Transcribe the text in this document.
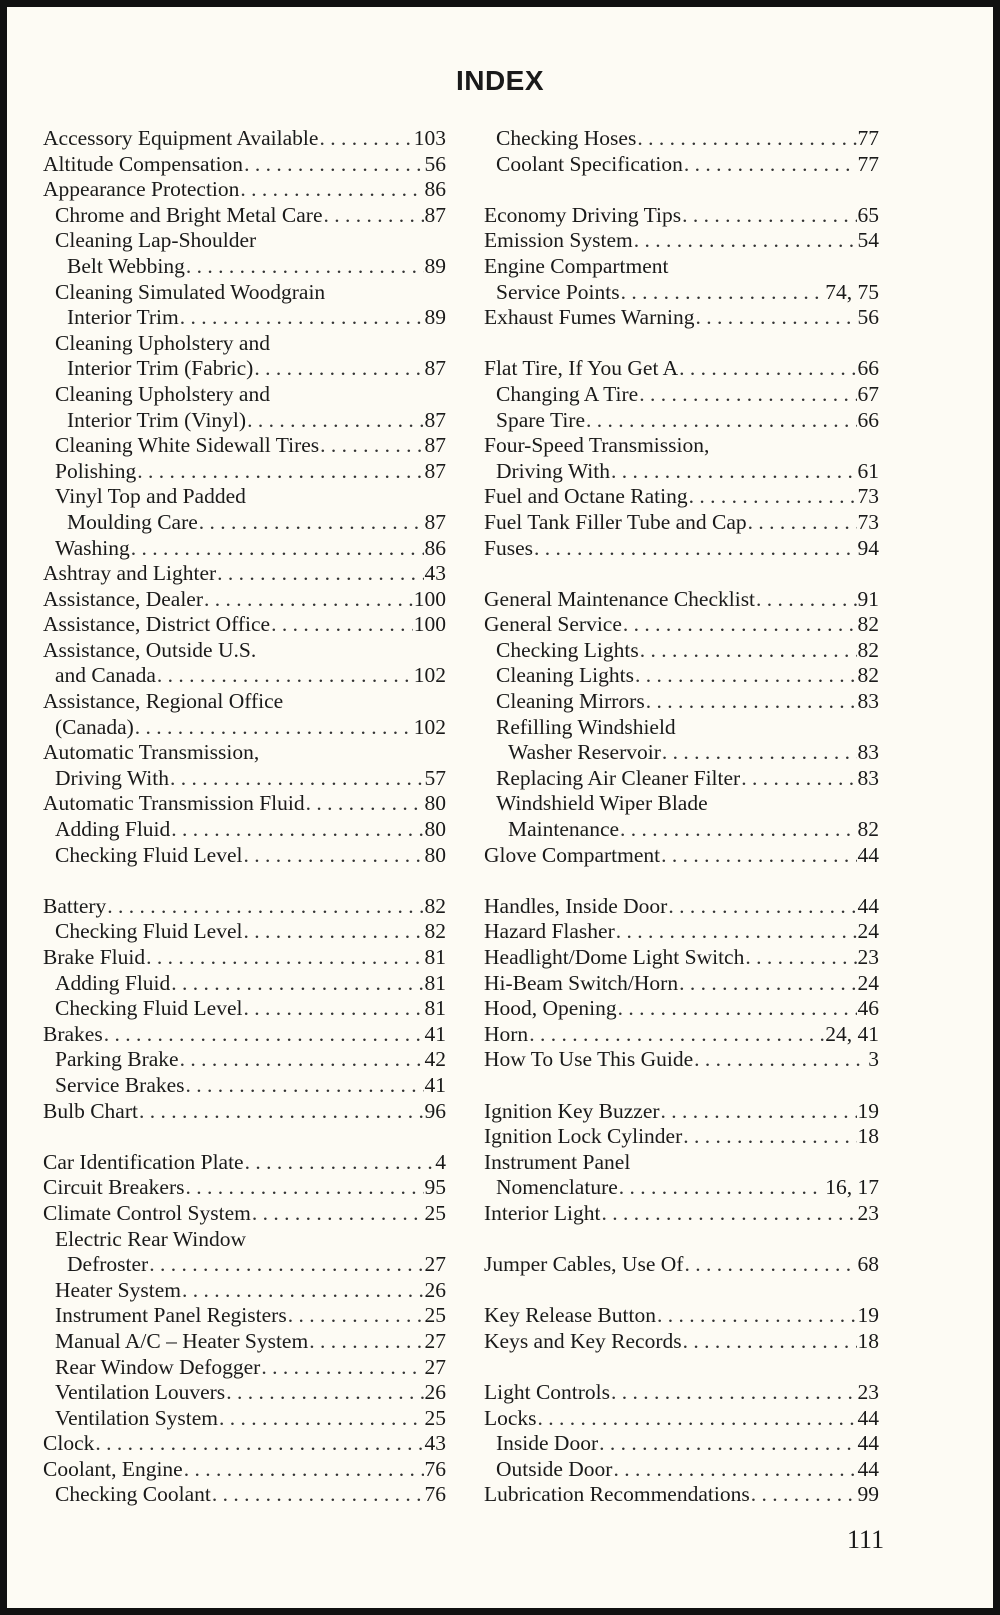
INDEX
Accessory Equipment Available . . .	103
Altitude Compensation . . .	56
Appearance Protection . . .	86
Chrome and Bright Metal Care . . .	87
Cleaning Lap-Shoulder
Belt Webbing . . .	89
Cleaning Simulated Woodgrain
Interior Trim . . .	89
Cleaning Upholstery and
Interior Trim (Fabric) . . .	87
Cleaning Upholstery and
Interior Trim (Vinyl) . . .	87
Cleaning White Sidewall Tires . . .	87
Polishing . . .	87
Vinyl Top and Padded
Moulding Care . . .	87
Washing . . .	86
Ashtray and Lighter . . .	43
Assistance, Dealer . . .	100
Assistance, District Office . . .	100
Assistance, Outside U.S.
and Canada . . .	102
Assistance, Regional Office
(Canada) . . .	102
Automatic Transmission,
Driving With . . .	57
Automatic Transmission Fluid . . .	80
Adding Fluid . . .	80
Checking Fluid Level . . .	80
Battery . . .	82
Checking Fluid Level . . .	82
Brake Fluid . . .	81
Adding Fluid . . .	81
Checking Fluid Level . . .	81
Brakes . . .	41
Parking Brake . . .	42
Service Brakes . . .	41
Bulb Chart . . .	96
Car Identification Plate . . .	4
Circuit Breakers . . .	95
Climate Control System . . .	25
Electric Rear Window
Defroster . . .	27
Heater System . . .	26
Instrument Panel Registers . . .	25
Manual A/C – Heater System . . .	27
Rear Window Defogger . . .	27
Ventilation Louvers . . .	26
Ventilation System . . .	25
Clock . . .	43
Coolant, Engine . . .	76
Checking Coolant . . .	76
Checking Hoses . . .	77
Coolant Specification . . .	77
Economy Driving Tips . . .	65
Emission System . . .	54
Engine Compartment
Service Points . . .	74, 75
Exhaust Fumes Warning . . .	56
Flat Tire, If You Get A . . .	66
Changing A Tire . . .	67
Spare Tire . . .	66
Four-Speed Transmission,
Driving With . . .	61
Fuel and Octane Rating . . .	73
Fuel Tank Filler Tube and Cap . . .	73
Fuses . . .	94
General Maintenance Checklist . . .	91
General Service . . .	82
Checking Lights . . .	82
Cleaning Lights . . .	82
Cleaning Mirrors . . .	83
Refilling Windshield
Washer Reservoir . . .	83
Replacing Air Cleaner Filter . . .	83
Windshield Wiper Blade
Maintenance . . .	82
Glove Compartment . . .	44
Handles, Inside Door . . .	44
Hazard Flasher . . .	24
Headlight/Dome Light Switch . . .	23
Hi-Beam Switch/Horn . . .	24
Hood, Opening . . .	46
Horn . . .	24, 41
How To Use This Guide . . .	3
Ignition Key Buzzer . . .	19
Ignition Lock Cylinder . . .	18
Instrument Panel
Nomenclature . . .	16, 17
Interior Light . . .	23
Jumper Cables, Use Of . . .	68
Key Release Button . . .	19
Keys and Key Records . . .	18
Light Controls . . .	23
Locks . . .	44
Inside Door . . .	44
Outside Door . . .	44
Lubrication Recommendations . . .	99
111
